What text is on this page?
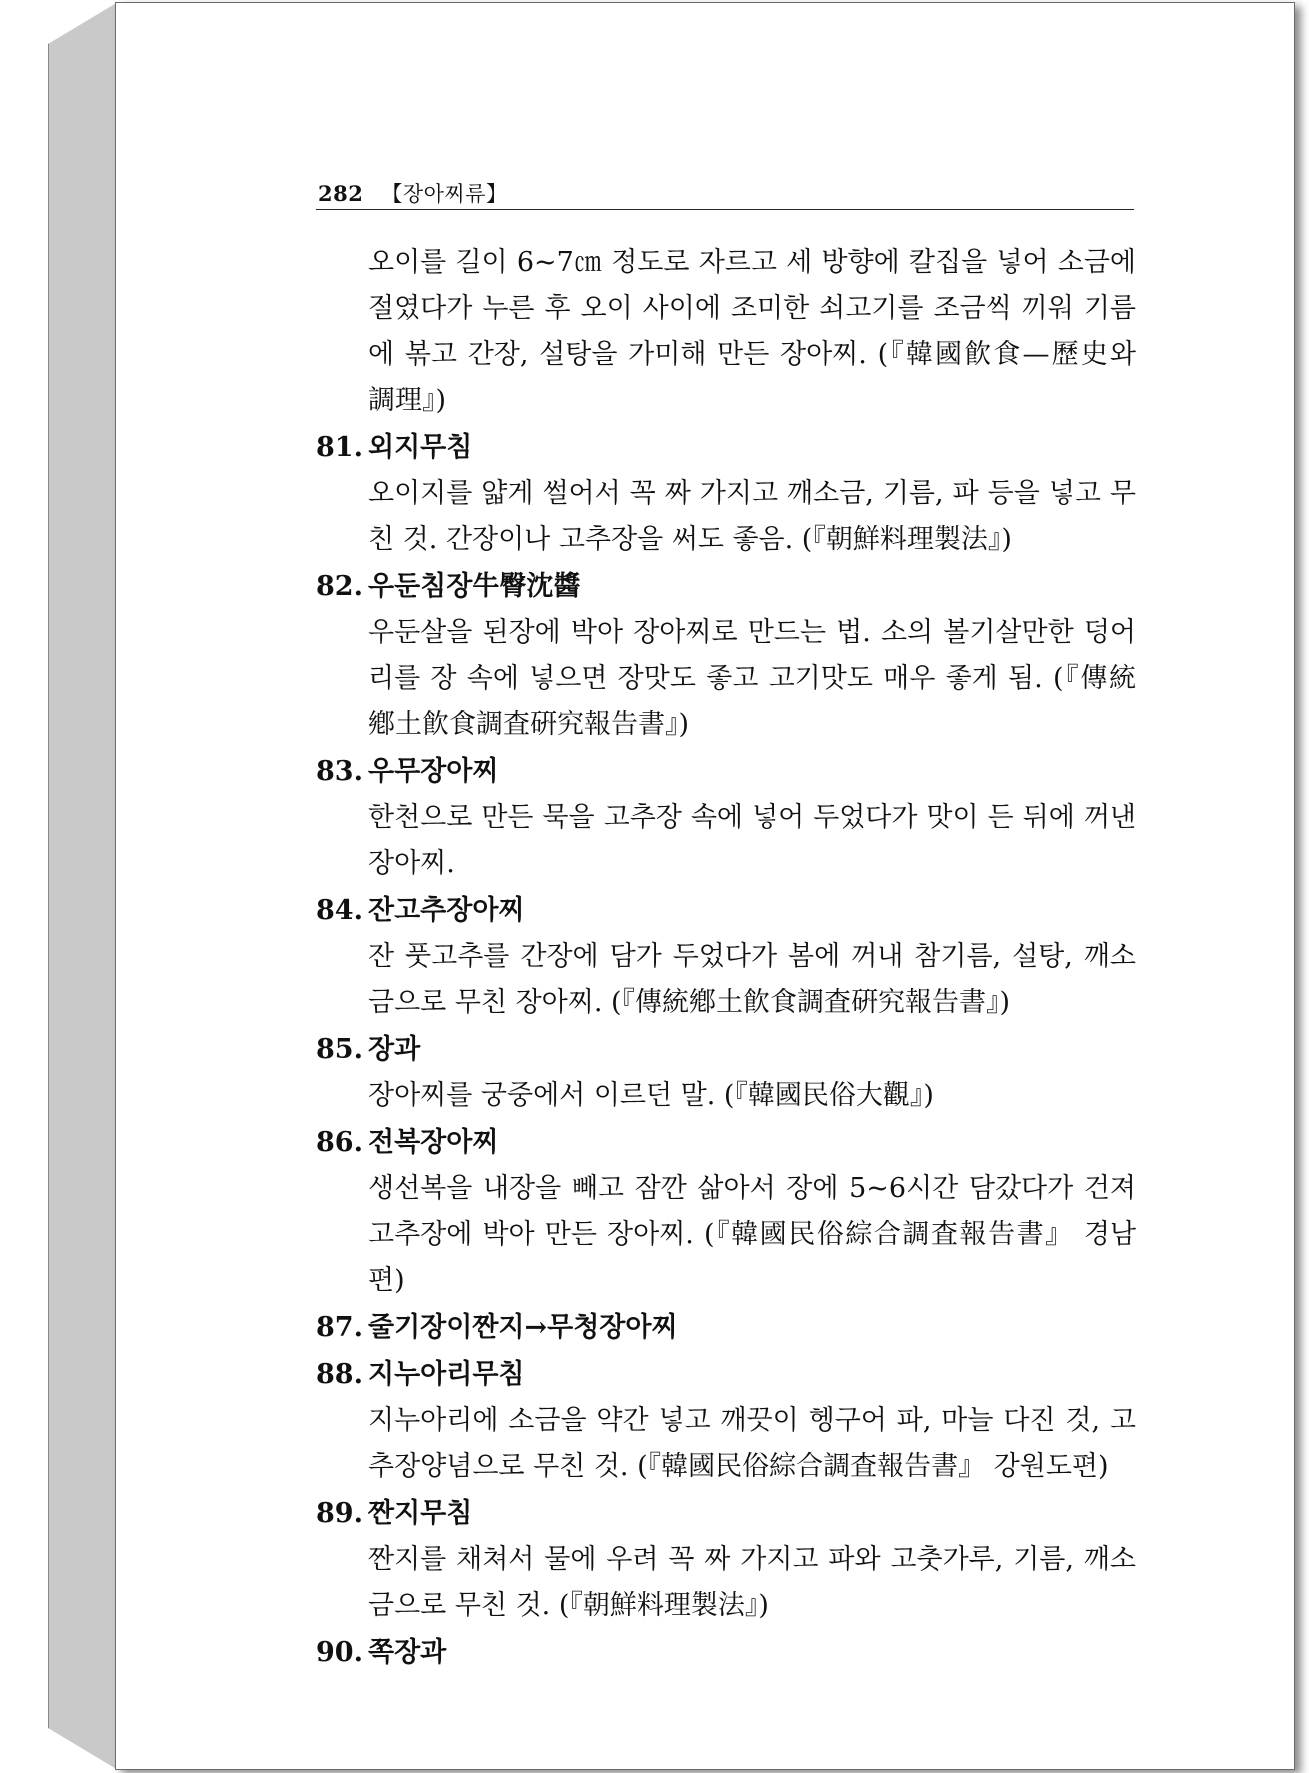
282 【장아찌류】

오이를 길이 6~7㎝ 정도로 자르고 세 방향에 칼집을 넣어 소금에 절였다가 누른 후 오이 사이에 조미한 쇠고기를 조금씩 끼워 기름에 볶고 간장, 설탕을 가미해 만든 장아찌. (『韓國飮食—歷史와 調理』)

81. 외지무침

오이지를 얇게 썰어서 꼭 짜 가지고 깨소금, 기름, 파 등을 넣고 무친 것. 간장이나 고추장을 써도 좋음. (『朝鮮料理製法』)

82. 우둔침장牛臀沈醬

우둔살을 된장에 박아 장아찌로 만드는 법. 소의 볼기살만한 덩어리를 장 속에 넣으면 장맛도 좋고 고기맛도 매우 좋게 됨. (『傳統鄕土飮食調査硏究報告書』)

83. 우무장아찌

한천으로 만든 묵을 고추장 속에 넣어 두었다가 맛이 든 뒤에 꺼낸 장아찌.

84. 잔고추장아찌

잔 풋고추를 간장에 담가 두었다가 봄에 꺼내 참기름, 설탕, 깨소금으로 무친 장아찌. (『傳統鄕土飮食調査硏究報告書』)

85. 장과

장아찌를 궁중에서 이르던 말. (『韓國民俗大觀』)

86. 전복장아찌

생선복을 내장을 빼고 잠깐 삶아서 장에 5~6시간 담갔다가 건져 고추장에 박아 만든 장아찌. (『韓國民俗綜合調査報告書』 경남편)

87. 줄기장이짠지→무청장아찌

88. 지누아리무침

지누아리에 소금을 약간 넣고 깨끗이 헹구어 파, 마늘 다진 것, 고추장양념으로 무친 것. (『韓國民俗綜合調査報告書』 강원도편)

89. 짠지무침

짠지를 채쳐서 물에 우려 꼭 짜 가지고 파와 고춧가루, 기름, 깨소금으로 무친 것. (『朝鮮料理製法』)

90. 쪽장과
